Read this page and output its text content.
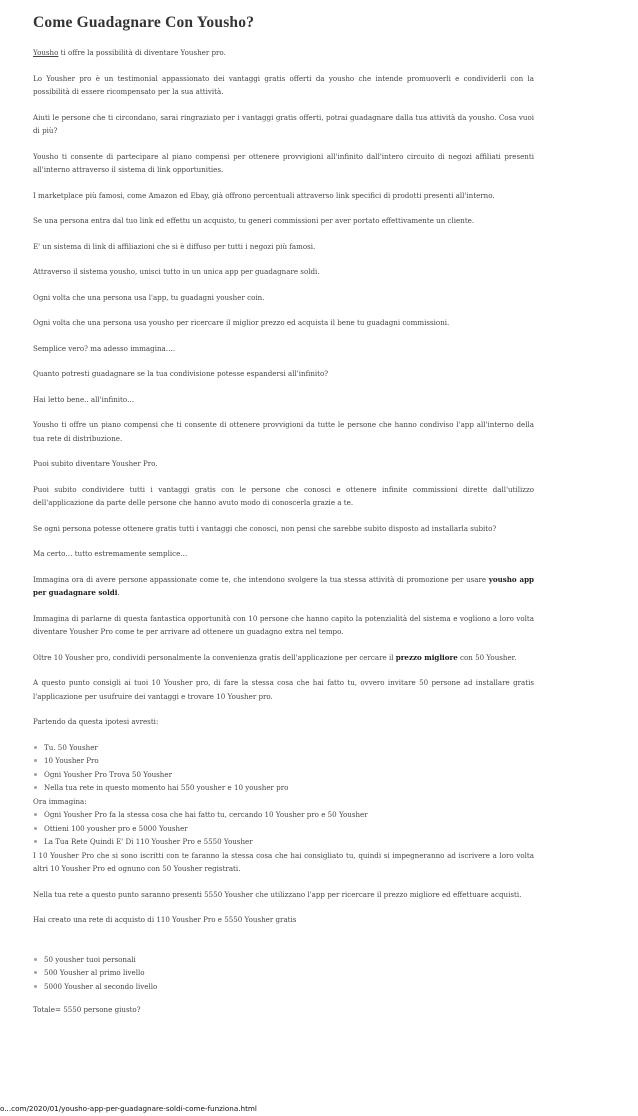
Come Guadagnare Con Yousho?

Yousho ti offre la possibilità di diventare Yousher pro.

Lo Yousher pro è un testimonial appassionato dei vantaggi gratis offerti da yousho che intende promuoverli e condividerli con la possibilità di essere ricompensato per la sua attività.

Aiuti le persone che ti circondano, sarai ringraziato per i vantaggi gratis offerti, potrai guadagnare dalla tua attività da yousho. Cosa vuoi di più?

Yousho ti consente di partecipare al piano compensi per ottenere provvigioni all'infinito dall'intero circuito di negozi affiliati presenti all'interno attraverso il sistema di link opportunities.

I marketplace più famosi, come Amazon ed Ebay, già offrono percentuali attraverso link specifici di prodotti presenti all'interno.

Se una persona entra dal tuo link ed effettu un acquisto, tu generi commissioni per aver portato effettivamente un cliente.

E' un sistema di link di affiliazioni che si è diffuso per tutti i negozi più famosi.

Attraverso il sistema yousho, unisci tutto in un unica app per guadagnare soldi.

Ogni volta che una persona usa l'app, tu guadagni yousher coin.

Ogni volta che una persona usa yousho per ricercare il miglior prezzo ed acquista il bene tu guadagni commissioni.

Semplice vero? ma adesso immagina….

Quanto potresti guadagnare se la tua condivisione potesse espandersi all'infinito?

Hai letto bene.. all'infinito…

Yousho ti offre un piano compensi che ti consente di ottenere provvigioni da tutte le persone che hanno condiviso l'app all'interno della tua rete di distribuzione.

Puoi subito diventare Yousher Pro.

Puoi subito condividere tutti i vantaggi gratis con le persone che conosci e ottenere infinite commissioni dirette dall'utilizzo dell'applicazione da parte delle persone che hanno avuto modo di conoscerla grazie a te.

Se ogni persona potesse ottenere gratis tutti i vantaggi che conosci, non pensi che sarebbe subito disposto ad installarla subito?

Ma certo… tutto estremamente semplice…

Immagina ora di avere persone appassionate come te, che intendono svolgere la tua stessa attività di promozione per usare yousho app per guadagnare soldi.

Immagina di parlarne di questa fantastica opportunità con 10 persone che hanno capito la potenzialità del sistema e vogliono a loro volta diventare Yousher Pro come te per arrivare ad ottenere un guadagno extra nel tempo.

Oltre 10 Yousher pro, condividi personalmente la convenienza gratis dell'applicazione per cercare il prezzo migliore con 50 Yousher.

A questo punto consigli ai tuoi 10 Yousher pro, di fare la stessa cosa che hai fatto tu, ovvero invitare 50 persone ad installare gratis l'applicazione per usufruire dei vantaggi e trovare 10 Yousher pro.

Partendo da questa ipotesi avresti:

Tu. 50 Yousher
10 Yousher Pro
Ogni Yousher Pro Trova 50 Yousher
Nella tua rete in questo momento hai 550 yousher e 10 yousher pro

Ora immagina:

Ogni Yousher Pro fa la stessa cosa che hai fatto tu, cercando 10 Yousher pro e 50 Yousher
Ottieni 100 yousher pro e 5000 Yousher
La Tua Rete Quindi E' Di 110 Yousher Pro e 5550 Yousher

I 10 Yousher Pro che si sono iscritti con te faranno la stessa cosa che hai consigliato tu, quindi si impegneranno ad iscrivere a loro volta altri 10 Yousher Pro ed ognuno con 50 Yousher registrati.

Nella tua rete a questo punto saranno presenti 5550 Yousher che utilizzano l'app per ricercare il prezzo migliore ed effettuare acquisti.

Hai creato una rete di acquisto di 110 Yousher Pro e 5550 Yousher gratis

50 yousher tuoi personali
500 Yousher al primo livello
5000 Yousher al secondo livello

Totale= 5550 persone giusto?

o...com/2020/01/yousho-app-per-guadagnare-soldi-come-funziona.html
